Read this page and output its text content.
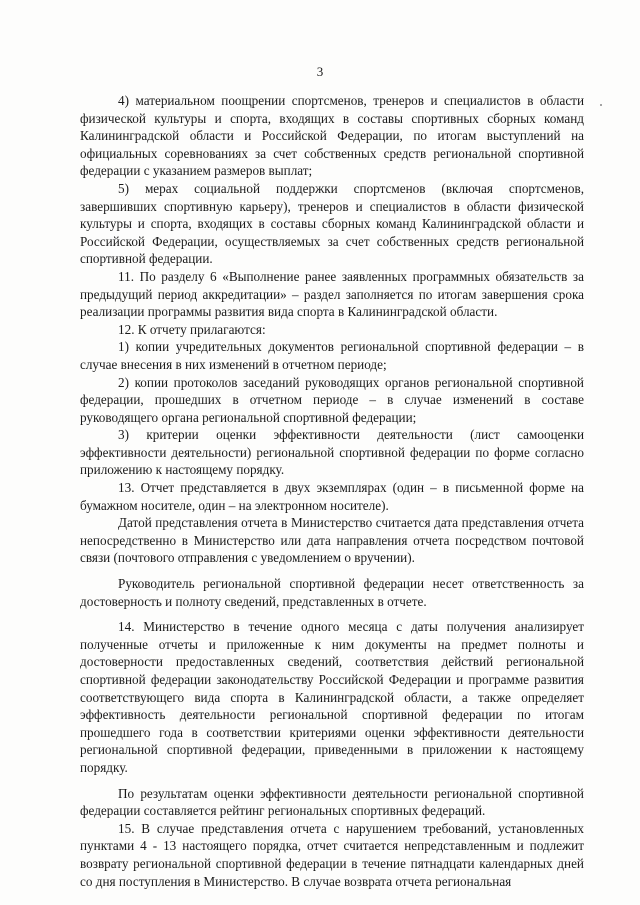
3

4) материальном поощрении спортсменов, тренеров и специалистов в области физической культуры и спорта, входящих в составы спортивных сборных команд Калининградской области и Российской Федерации, по итогам выступлений на официальных соревнованиях за счет собственных средств региональной спортивной федерации с указанием размеров выплат;

5) мерах социальной поддержки спортсменов (включая спортсменов, завершивших спортивную карьеру), тренеров и специалистов в области физической культуры и спорта, входящих в составы сборных команд Калининградской области и Российской Федерации, осуществляемых за счет собственных средств региональной спортивной федерации.

11. По разделу 6 «Выполнение ранее заявленных программных обязательств за предыдущий период аккредитации» – раздел заполняется по итогам завершения срока реализации программы развития вида спорта в Калининградской области.

12. К отчету прилагаются:

1) копии учредительных документов региональной спортивной федерации – в случае внесения в них изменений в отчетном периоде;

2) копии протоколов заседаний руководящих органов региональной спортивной федерации, прошедших в отчетном периоде – в случае изменений в составе руководящего органа региональной спортивной федерации;

3) критерии оценки эффективности деятельности (лист самооценки эффективности деятельности) региональной спортивной федерации по форме согласно приложению к настоящему порядку.

13. Отчет представляется в двух экземплярах (один – в письменной форме на бумажном носителе, один – на электронном носителе).

Датой представления отчета в Министерство считается дата представления отчета непосредственно в Министерство или дата направления отчета посредством почтовой связи (почтового отправления с уведомлением о вручении).

Руководитель региональной спортивной федерации несет ответственность за достоверность и полноту сведений, представленных в отчете.

14. Министерство в течение одного месяца с даты получения анализирует полученные отчеты и приложенные к ним документы на предмет полноты и достоверности предоставленных сведений, соответствия действий региональной спортивной федерации законодательству Российской Федерации и программе развития соответствующего вида спорта в Калининградской области, а также определяет эффективность деятельности региональной спортивной федерации по итогам прошедшего года в соответствии критериями оценки эффективности деятельности региональной спортивной федерации, приведенными в приложении к настоящему порядку.

По результатам оценки эффективности деятельности региональной спортивной федерации составляется рейтинг региональных спортивных федераций.

15. В случае представления отчета с нарушением требований, установленных пунктами 4 - 13 настоящего порядка, отчет считается непредставленным и подлежит возврату региональной спортивной федерации в течение пятнадцати календарных дней со дня поступления в Министерство. В случае возврата отчета региональная
